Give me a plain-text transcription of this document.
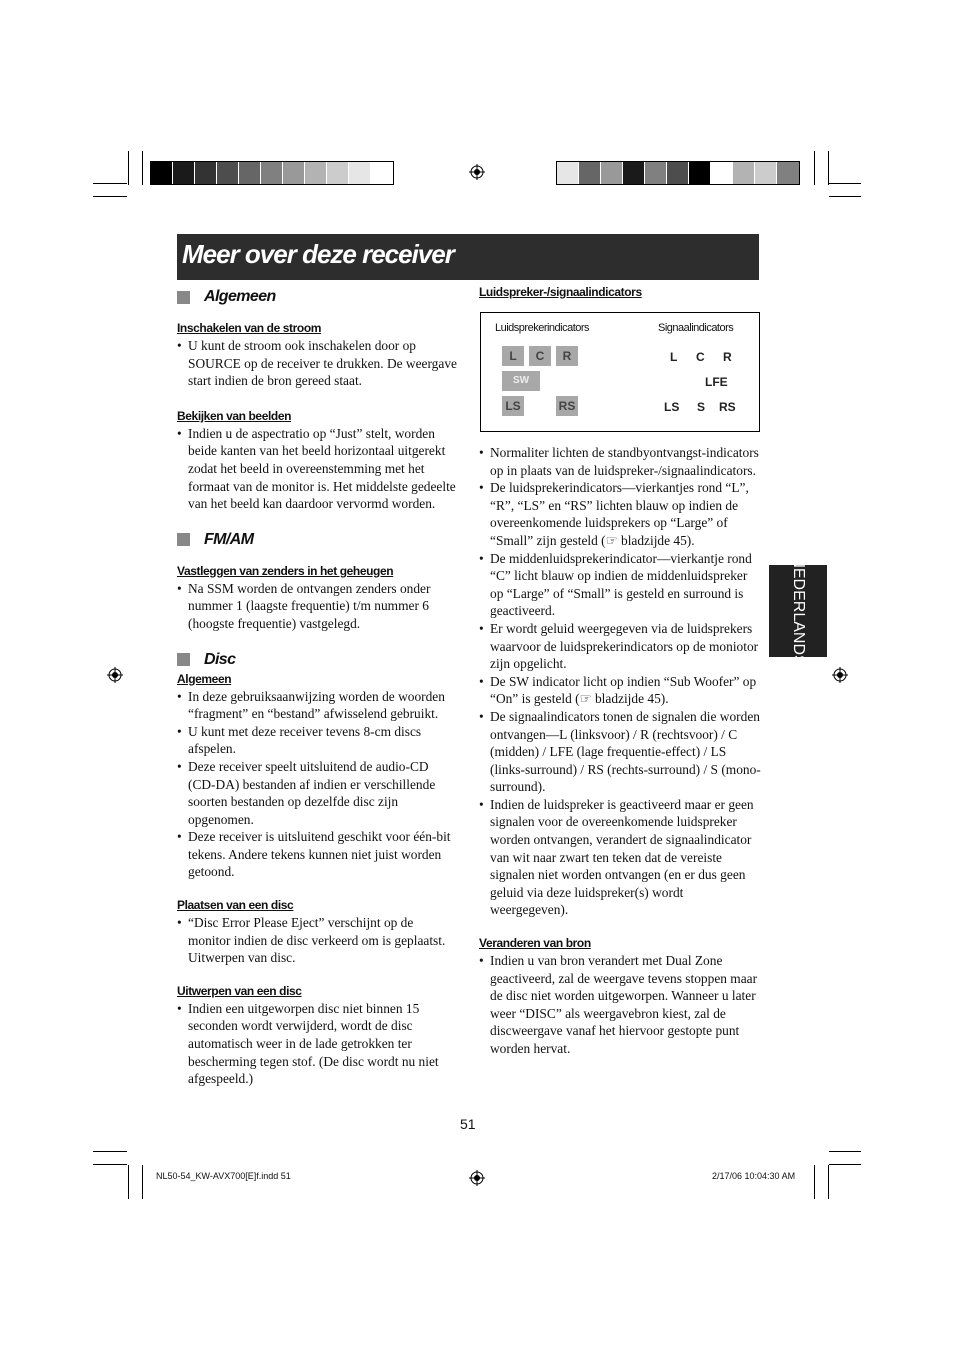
Meer over deze receiver
Algemeen

Inschakelen van de stroom

• U kunt de stroom ook inschakelen door op SOURCE op de receiver te drukken. De weergave start indien de bron gereed staat.

Bekijken van beelden

• Indien u de aspectratio op “Just” stelt, worden beide kanten van het beeld horizontaal uitgerekt zodat het beeld in overeenstemming met het formaat van de monitor is. Het middelste gedeelte van het beeld kan daardoor vervormd worden.
FM/AM

Vastleggen van zenders in het geheugen

• Na SSM worden de ontvangen zenders onder nummer 1 (laagste frequentie) t/m nummer 6 (hoogste frequentie) vastgelegd.
Disc

Algemeen

• In deze gebruiksaanwijzing worden de woorden “fragment” en “bestand” afwisselend gebruikt.
• U kunt met deze receiver tevens 8-cm discs afspelen.
• Deze receiver speelt uitsluitend de audio-CD (CD-DA) bestanden af indien er verschillende soorten bestanden op dezelfde disc zijn opgenomen.
• Deze receiver is uitsluitend geschikt voor één-bit tekens. Andere tekens kunnen niet juist worden getoond.

Plaatsen van een disc

• “Disc Error Please Eject” verschijnt op de monitor indien de disc verkeerd om is geplaatst. Uitwerpen van disc.

Uitwerpen van een disc

• Indien een uitgeworpen disc niet binnen 15 seconden wordt verwijderd, wordt de disc automatisch weer in de lade getrokken ter bescherming tegen stof. (De disc wordt nu niet afgespeeld.)

Luidspreker-/signaalindicators

Luidsprekerindicators	Signaalindicators
L	C	R
SW
LS	RS
L C R
LFE
LS S RS
• Normaliter lichten de standbyontvangst-indicators op in plaats van de luidspreker-/signaalindicators.
• De luidsprekerindicators—vierkantjes rond “L”, “R”, “LS” en “RS” lichten blauw op indien de overeenkomende luidsprekers op “Large” of “Small” zijn gesteld (☞ bladzijde 45).
• De middenluidsprekerindicator—vierkantje rond “C” licht blauw op indien de middenluidspreker op “Large” of “Small” is gesteld en surround is geactiveerd.
• Er wordt geluid weergegeven via de luidsprekers waarvoor de luidsprekerindicators op de moniotor zijn opgelicht.
• De SW indicator licht op indien “Sub Woofer” op “On” is gesteld (☞ bladzijde 45).
• De signaalindicators tonen de signalen die worden ontvangen—L (linksvoor) / R (rechtsvoor) / C (midden) / LFE (lage frequentie-effect) / LS (links-surround) / RS (rechts-surround) / S (mono-surround).
• Indien de luidspreker is geactiveerd maar er geen signalen voor de overeenkomende luidspreker worden ontvangen, verandert de signaalindicator van wit naar zwart ten teken dat de vereiste signalen niet worden ontvangen (en er dus geen geluid via deze luidspreker(s) wordt weergegeven).

Veranderen van bron

• Indien u van bron verandert met Dual Zone geactiveerd, zal de weergave tevens stoppen maar de disc niet worden uitgeworpen. Wanneer u later weer “DISC” als weergavebron kiest, zal de discweergave vanaf het hiervoor gestopte punt worden hervat.
NEDERLANDS
51
NL50-54_KW-AVX700[E]f.indd 51	2/17/06 10:04:30 AM
